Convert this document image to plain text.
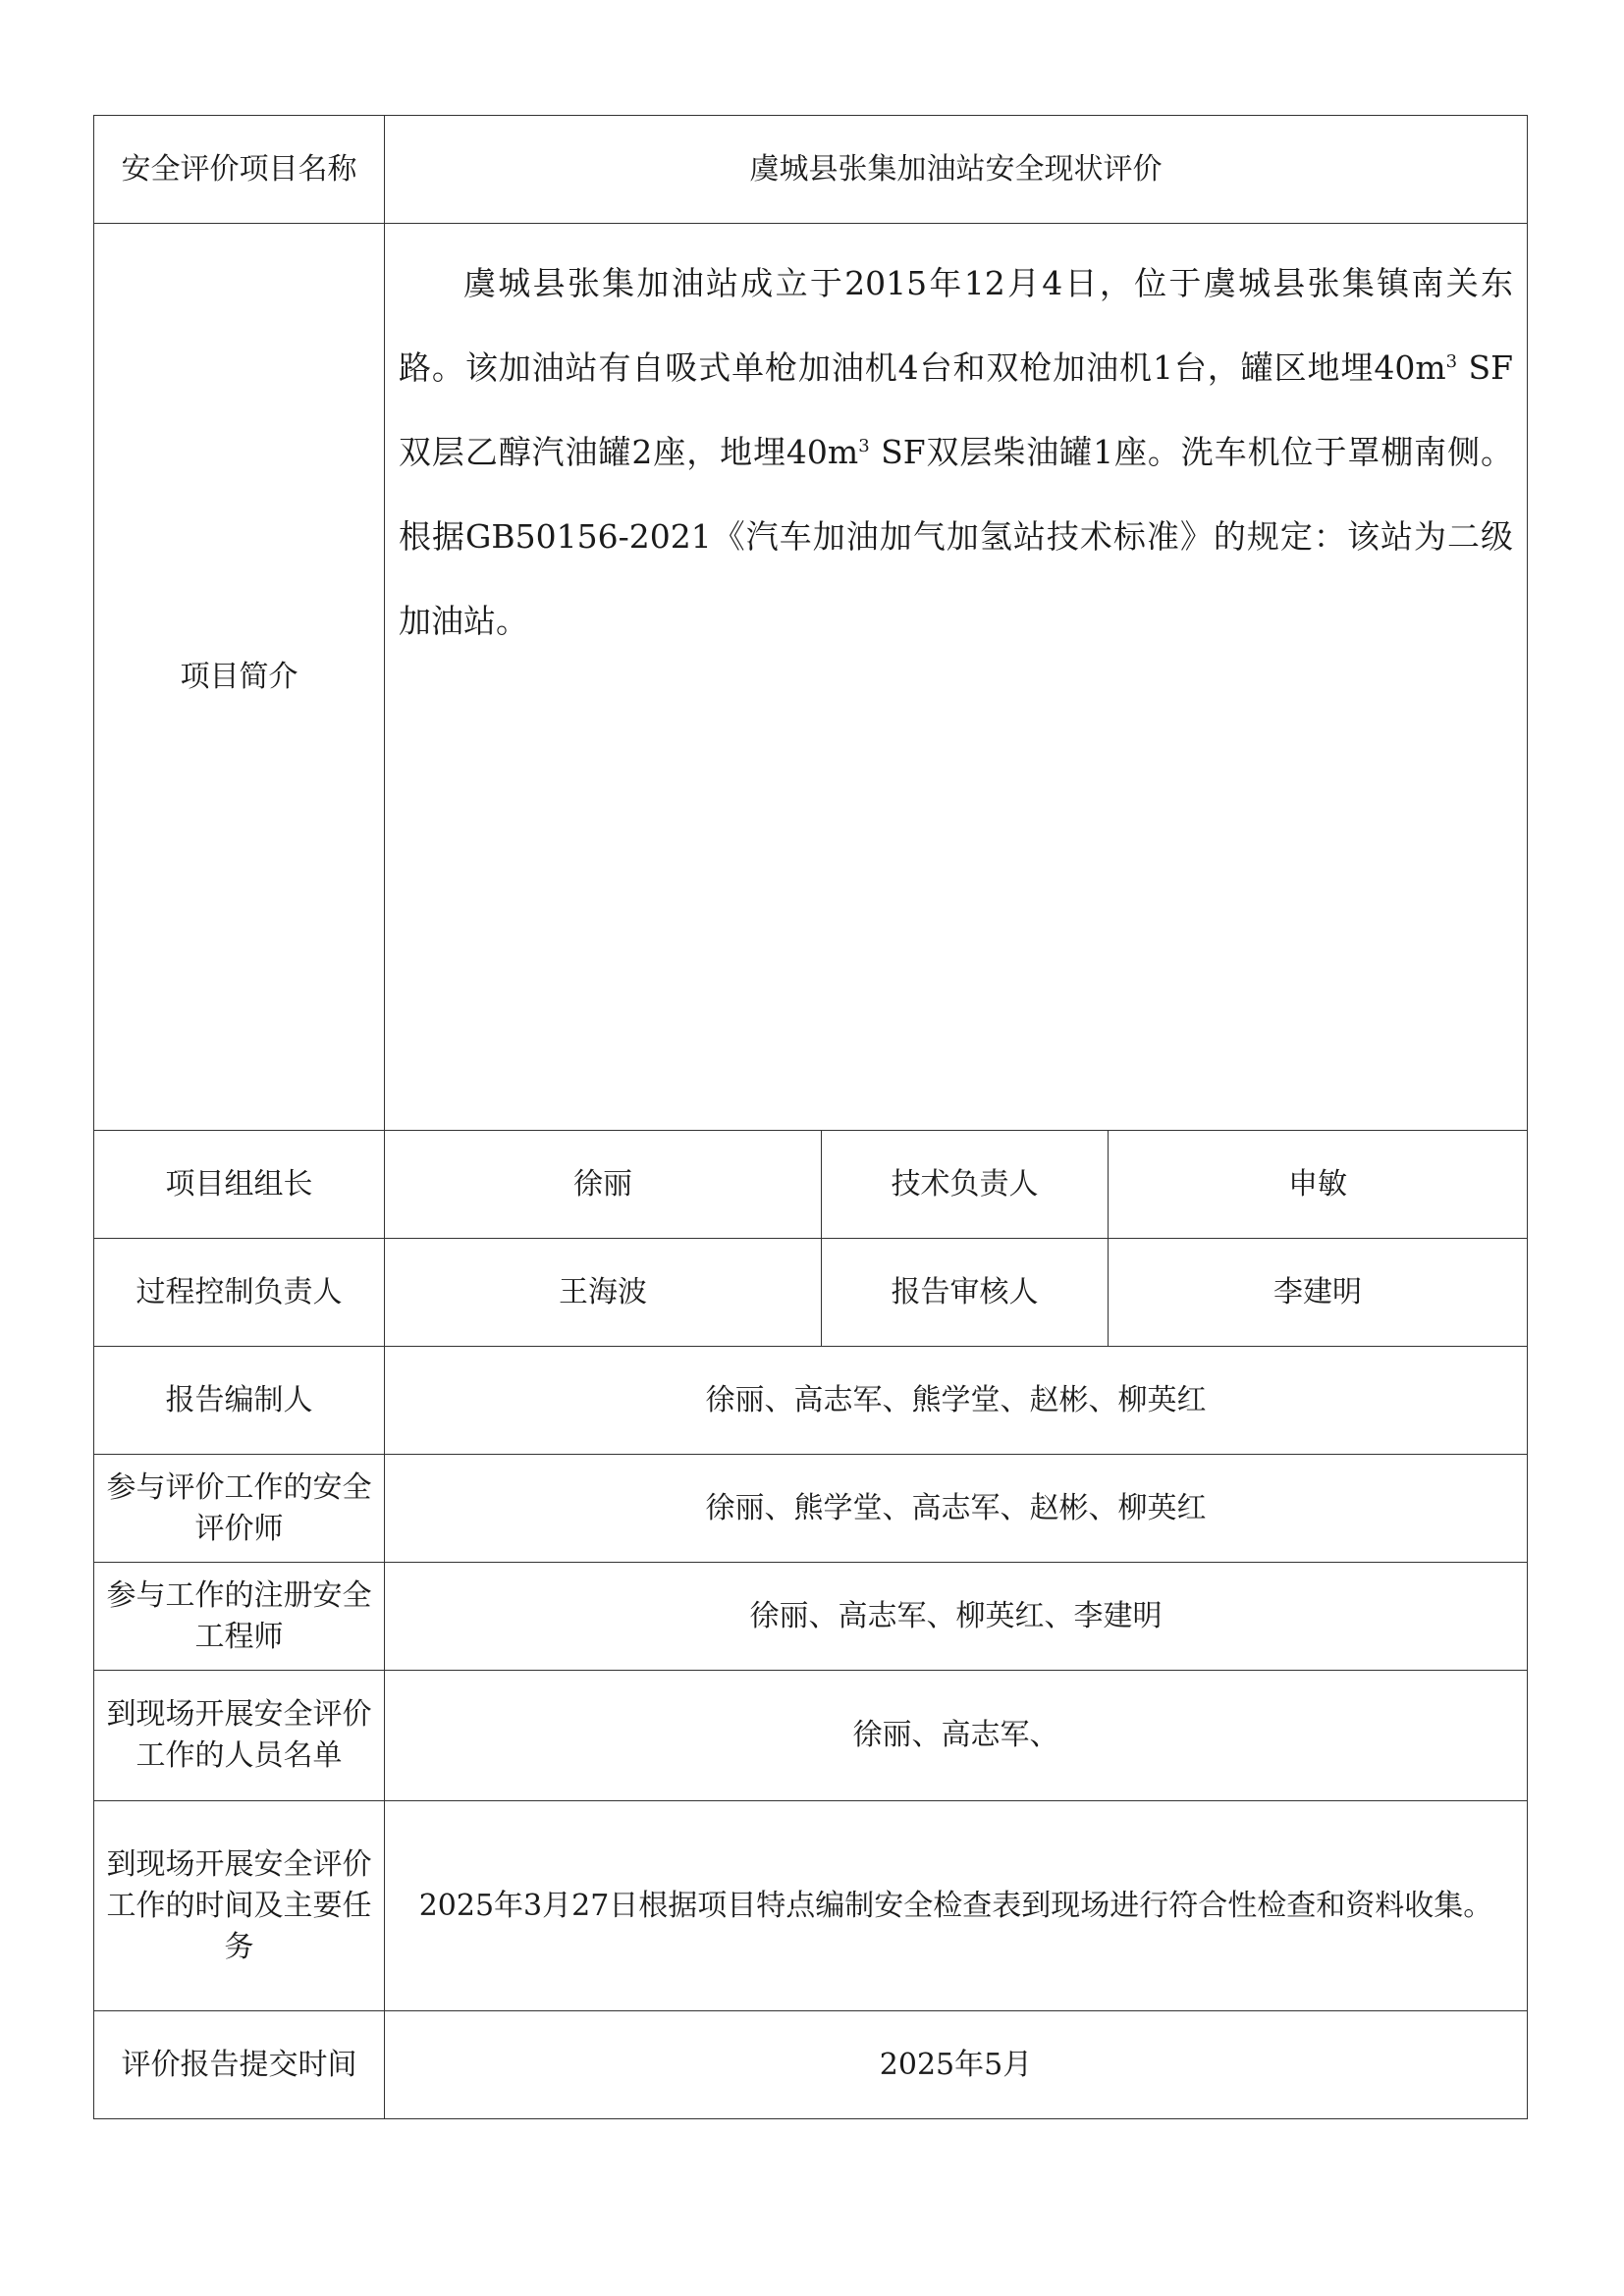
安全评价项目名称	虞城县张集加油站安全现状评价		
项目简介	虞城县张集加油站成立于2015年12月4日，位于虞城县张集镇南关东路。该加油站有自吸式单枪加油机4台和双枪加油机1台，罐区地埋$40m^3$ SF双层乙醇汽油罐2座，地埋$40m^3$ SF双层柴油罐1座。洗车机位于罩棚南侧。根据GB50156-2021《汽车加油加气加氢站技术标准》的规定：该站为二级加油站。		

项目组组长	徐丽	技术负责人	申敏
过程控制负责人	王海波	报告审核人	李建明
报告编制人	徐丽、高志军、熊学堂、赵彬、柳英红		
参与评价工作的安全评价师	徐丽、熊学堂、高志军、赵彬、柳英红		
参与工作的注册安全工程师	徐丽、高志军、柳英红、李建明		
到现场开展安全评价工作的人员名单	徐丽、高志军、		
到现场开展安全评价工作的时间及主要任务	2025年3月27日根据项目特点编制安全检查表到现场进行符合性检查和资料收集。		
评价报告提交时间	2025年5月		
